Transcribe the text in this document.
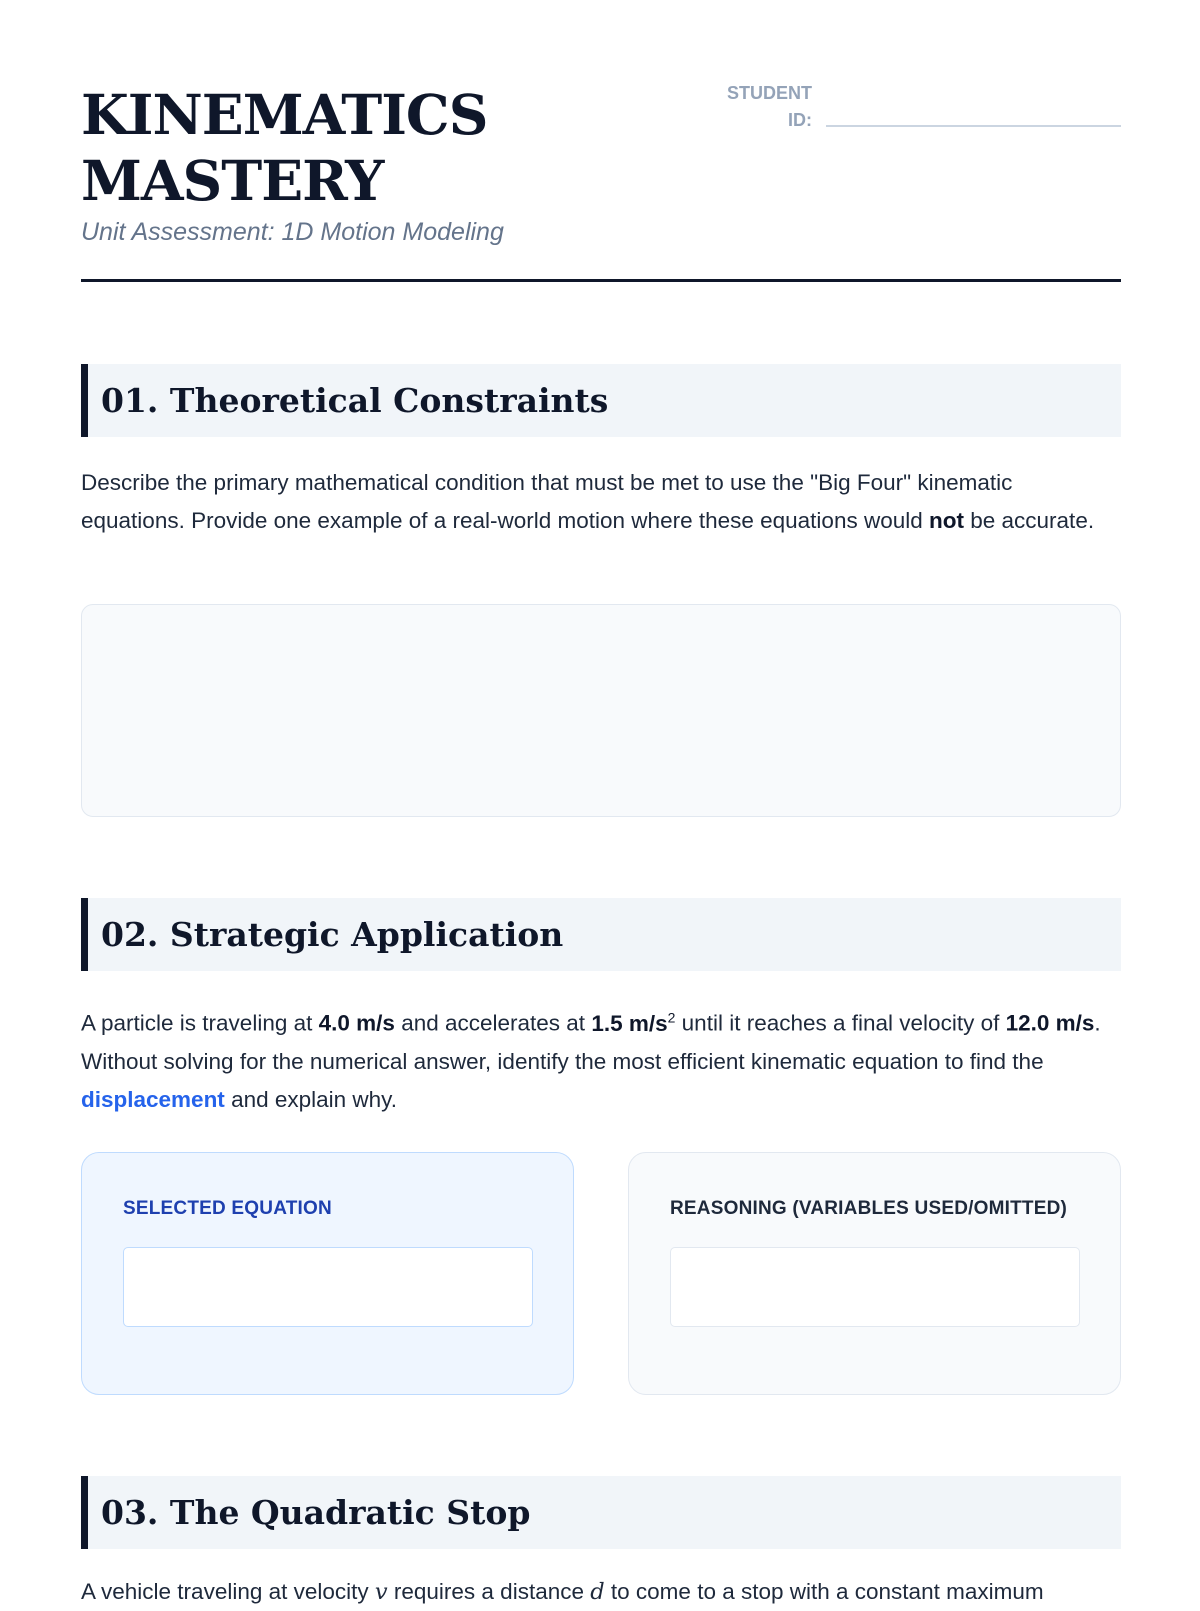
KINEMATICS
MASTERY
Unit Assessment: 1D Motion Modeling
STUDENT ID:
01. Theoretical Constraints
Describe the primary mathematical condition that must be met to use the "Big Four" kinematic equations. Provide one example of a real-world motion where these equations would not be accurate.
02. Strategic Application
A particle is traveling at 4.0 m/s and accelerates at 1.5 $m/s^2$ until it reaches a final velocity of 12.0 m/s. Without solving for the numerical answer, identify the most efficient kinematic equation to find the displacement and explain why.
SELECTED EQUATION	REASONING (VARIABLES USED/OMITTED)
03. The Quadratic Stop
A vehicle traveling at velocity v requires a distance d to come to a stop with a constant maximum
